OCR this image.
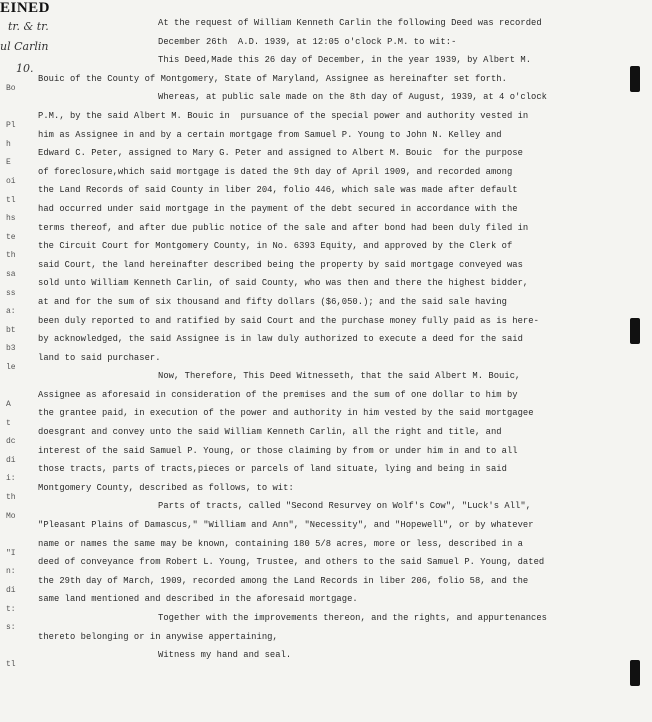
EINED
tr. & tr.
ul Carlin
10.
Bo
Pl
h
E
oi
tl
hs
te
th
sa
ss
a:
bt
b3
le
A
t
dc
di
i:
th
Mo
"I
n:
di
t:
s:
tl
At the request of William Kenneth Carlin the following Deed was recorded
December 26th  A.D. 1939, at 12:05 o'clock P.M. to wit:-
This Deed,Made this 26 day of December, in the year 1939, by Albert M.
Bouic of the County of Montgomery, State of Maryland, Assignee as hereinafter set forth.
Whereas, at public sale made on the 8th day of August, 1939, at 4 o'clock
P.M., by the said Albert M. Bouic in  pursuance of the special power and authority vested in
him as Assignee in and by a certain mortgage from Samuel P. Young to John N. Kelley and
Edward C. Peter, assigned to Mary G. Peter and assigned to Albert M. Bouic  for the purpose
of foreclosure,which said mortgage is dated the 9th day of April 1909, and recorded among
the Land Records of said County in liber 204, folio 446, which sale was made after default
had occurred under said mortgage in the payment of the debt secured in accordance with the
terms thereof, and after due public notice of the sale and after bond had been duly filed in
the Circuit Court for Montgomery County, in No. 6393 Equity, and approved by the Clerk of
said Court, the land hereinafter described being the property by said mortgage conveyed was
sold unto William Kenneth Carlin, of said County, who was then and there the highest bidder,
at and for the sum of six thousand and fifty dollars ($6,050.); and the said sale having
been duly reported to and ratified by said Court and the purchase money fully paid as is here-
by acknowledged, the said Assignee is in law duly authorized to execute a deed for the said
land to said purchaser.
Now, Therefore, This Deed Witnesseth, that the said Albert M. Bouic,
Assignee as aforesaid in consideration of the premises and the sum of one dollar to him by
the grantee paid, in execution of the power and authority in him vested by the said mortgagee
doesgrant and convey unto the said William Kenneth Carlin, all the right and title, and
interest of the said Samuel P. Young, or those claiming by from or under him in and to all
those tracts, parts of tracts,pieces or parcels of land situate, lying and being in said
Montgomery County, described as follows, to wit:
Parts of tracts, called "Second Resurvey on Wolf's Cow", "Luck's All",
"Pleasant Plains of Damascus," "William and Ann", "Necessity", and "Hopewell", or by whatever
name or names the same may be known, containing 180 5/8 acres, more or less, described in a
deed of conveyance from Robert L. Young, Trustee, and others to the said Samuel P. Young, dated
the 29th day of March, 1909, recorded among the Land Records in liber 206, folio 58, and the
same land mentioned and described in the aforesaid mortgage.
Together with the improvements thereon, and the rights, and appurtenances
thereto belonging or in anywise appertaining,
Witness my hand and seal.
